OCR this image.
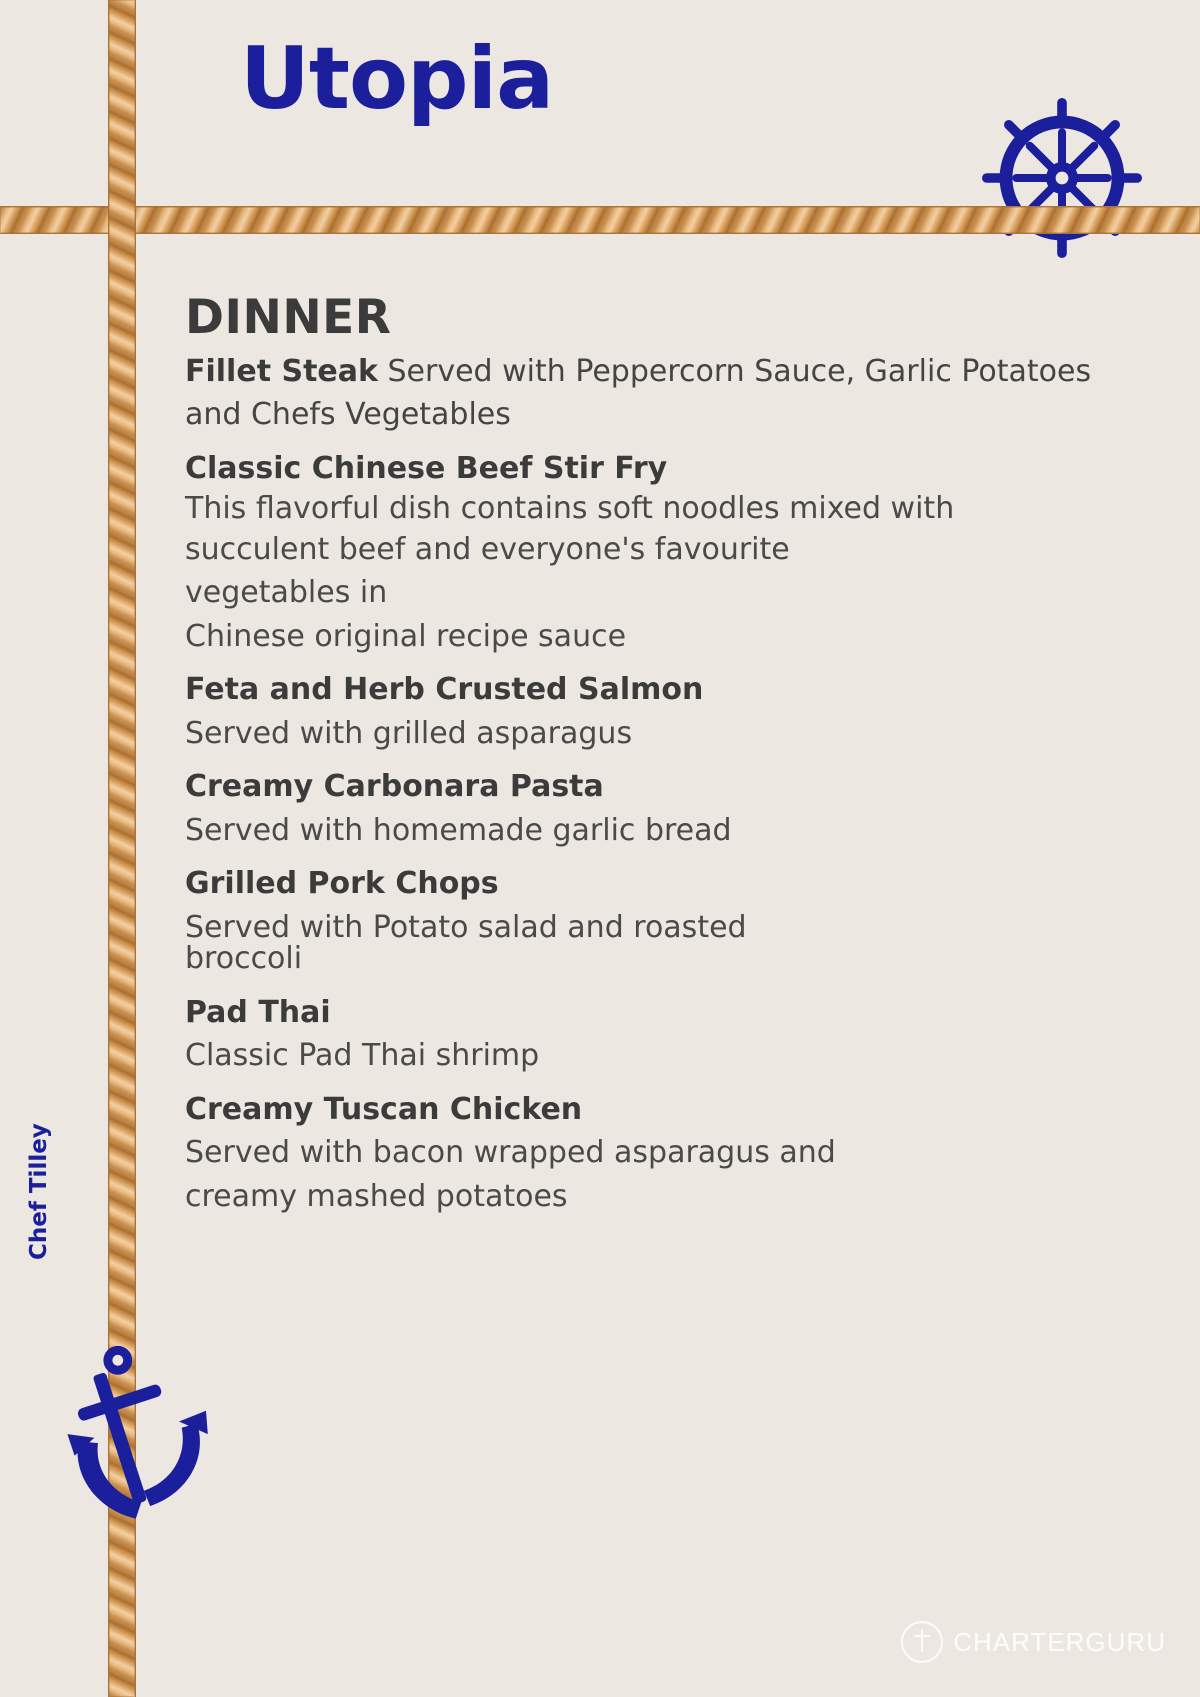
Utopia
Chef Tilley
DINNER

Fillet Steak Served with Peppercorn Sauce, Garlic Potatoes and Chefs Vegetables

Classic Chinese Beef Stir Fry

This flavorful dish contains soft noodles mixed with

succulent beef and everyone's favourite

vegetables in

Chinese original recipe sauce

Feta and Herb Crusted Salmon

Served with grilled asparagus

Creamy Carbonara Pasta

Served with homemade garlic bread

Grilled Pork Chops

Served with Potato salad and roasted

broccoli

Pad Thai

Classic Pad Thai shrimp

Creamy Tuscan Chicken

Served with bacon wrapped asparagus and

creamy mashed potatoes

CHARTERGURU
